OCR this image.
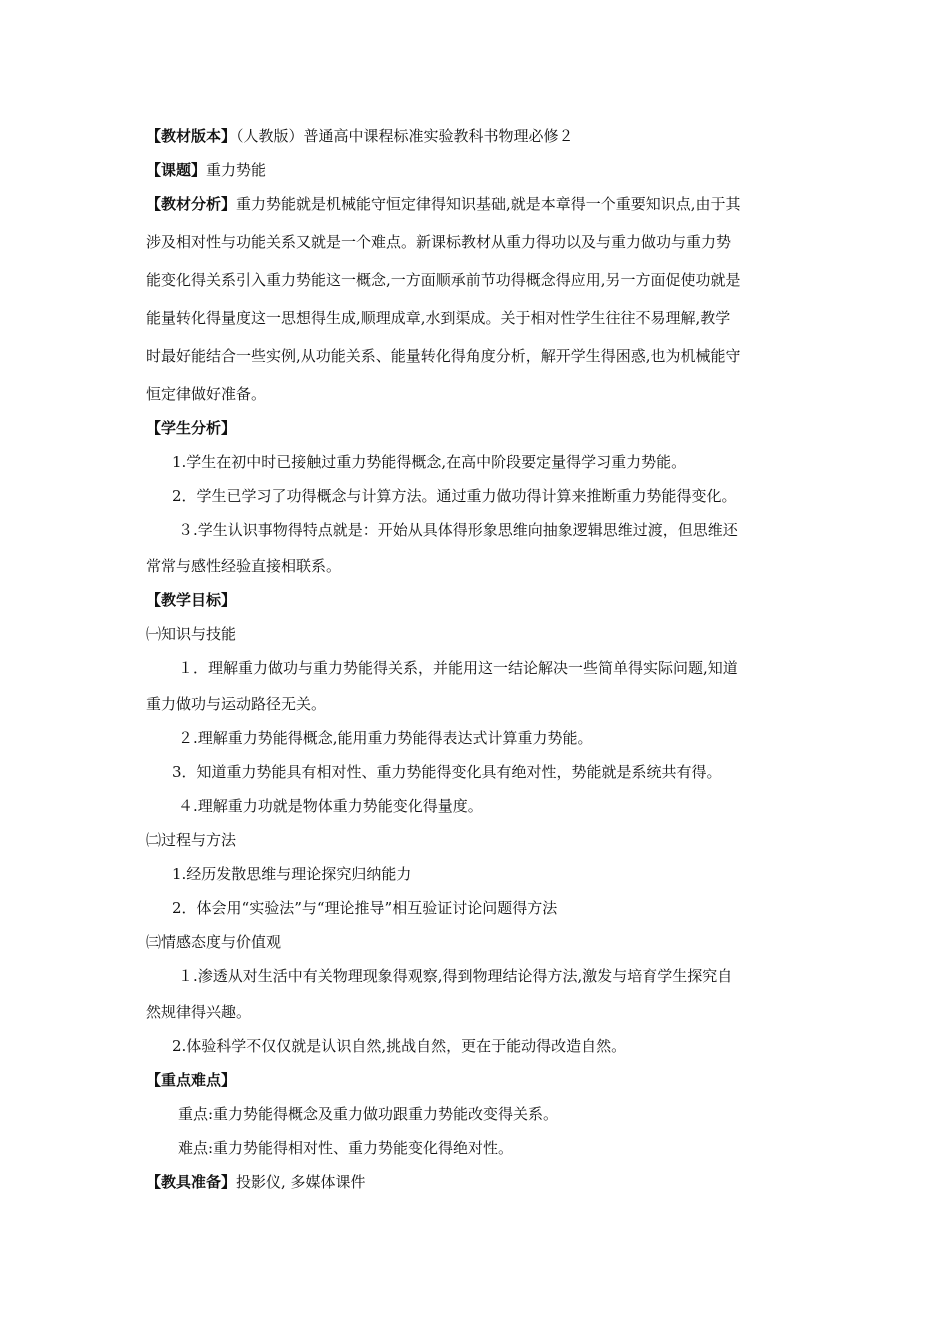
【教材版本】（人教版）普通高中课程标准实验教科书物理必修２
【课题】重力势能
【教材分析】重力势能就是机械能守恒定律得知识基础,就是本章得一个重要知识点,由于其
涉及相对性与功能关系又就是一个难点。新课标教材从重力得功以及与重力做功与重力势
能变化得关系引入重力势能这一概念,一方面顺承前节功得概念得应用,另一方面促使功就是
能量转化得量度这一思想得生成,顺理成章,水到渠成。关于相对性学生往往不易理解,教学
时最好能结合一些实例,从功能关系、能量转化得角度分析，解开学生得困惑,也为机械能守
恒定律做好准备。
【学生分析】
1.学生在初中时已接触过重力势能得概念,在高中阶段要定量得学习重力势能。
2．学生已学习了功得概念与计算方法。通过重力做功得计算来推断重力势能得变化。
３.学生认识事物得特点就是：开始从具体得形象思维向抽象逻辑思维过渡，但思维还
常常与感性经验直接相联系。
【教学目标】
㈠知识与技能
１．理解重力做功与重力势能得关系，并能用这一结论解决一些简单得实际问题,知道
重力做功与运动路径无关。
２.理解重力势能得概念,能用重力势能得表达式计算重力势能。
3．知道重力势能具有相对性、重力势能得变化具有绝对性，势能就是系统共有得。
４.理解重力功就是物体重力势能变化得量度。
㈡过程与方法
1.经历发散思维与理论探究归纳能力
2．体会用“实验法”与“理论推导”相互验证讨论问题得方法
㈢情感态度与价值观
１.渗透从对生活中有关物理现象得观察,得到物理结论得方法,激发与培育学生探究自
然规律得兴趣。
2.体验科学不仅仅就是认识自然,挑战自然，更在于能动得改造自然。
【重点难点】
重点:重力势能得概念及重力做功跟重力势能改变得关系。
难点:重力势能得相对性、重力势能变化得绝对性。
【教具准备】投影仪, 多媒体课件
